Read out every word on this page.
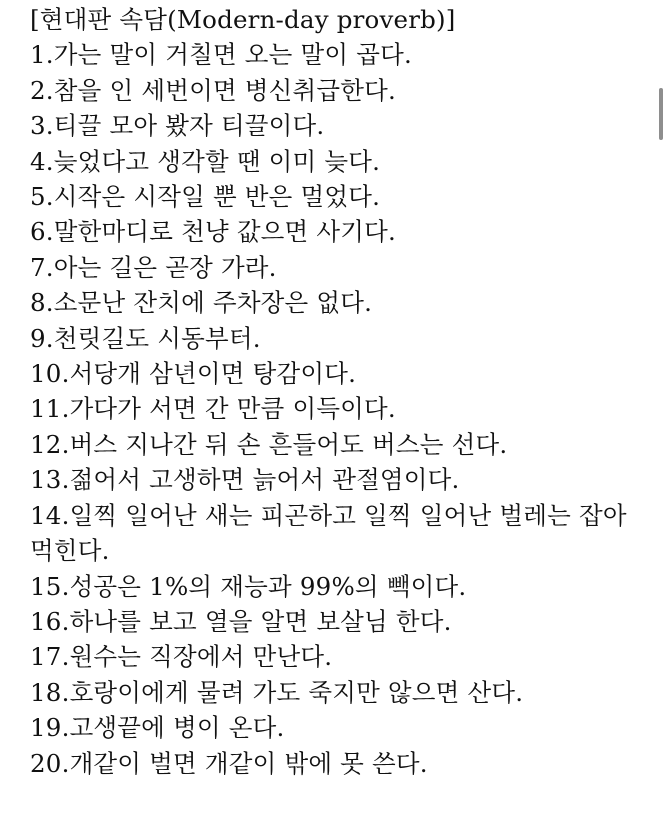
[현대판 속담(Modern-day proverb)]

1.가는 말이 거칠면 오는 말이 곱다.

2.참을 인 세번이면 병신취급한다.

3.티끌 모아 봤자 티끌이다.

4.늦었다고 생각할 땐 이미 늦다.

5.시작은 시작일 뿐 반은 멀었다.

6.말한마디로 천냥 값으면 사기다.

7.아는 길은 곧장 가라.

8.소문난 잔치에 주차장은 없다.

9.천릿길도 시동부터.

10.서당개 삼년이면 탕감이다.

11.가다가 서면 간 만큼 이득이다.

12.버스 지나간 뒤 손 흔들어도 버스는 선다.

13.젊어서 고생하면 늙어서 관절염이다.

14.일찍 일어난 새는 피곤하고 일찍 일어난 벌레는 잡아 먹힌다.

15.성공은 1%의 재능과 99%의 빽이다.

16.하나를 보고 열을 알면 보살님 한다.

17.원수는 직장에서 만난다.

18.호랑이에게 물려 가도 죽지만 않으면 산다.

19.고생끝에 병이 온다.

20.개같이 벌면 개같이 밖에 못 쓴다.
